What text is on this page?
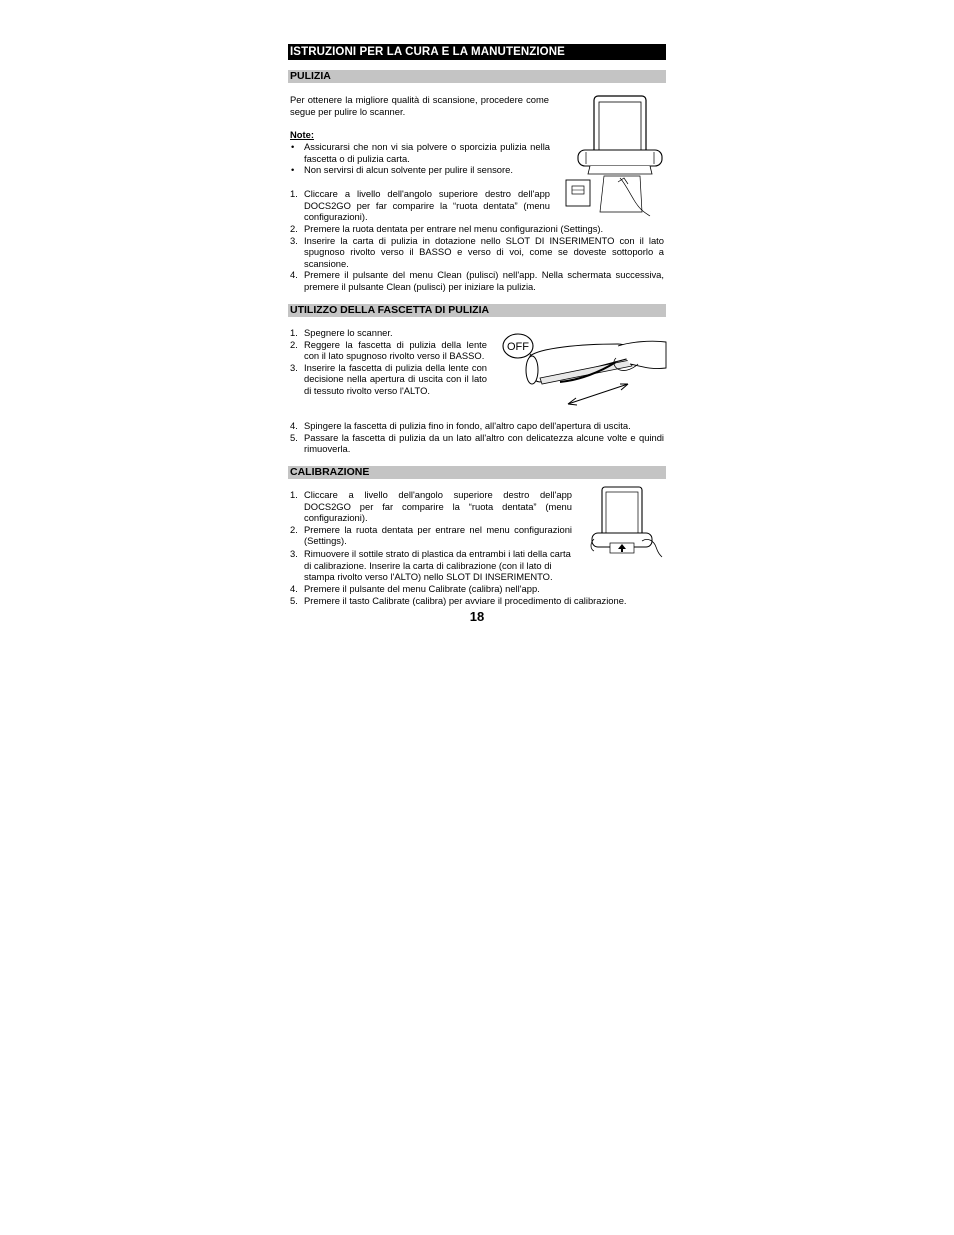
ISTRUZIONI PER LA CURA E LA MANUTENZIONE
PULIZIA
Per ottenere la migliore qualità di scansione, procedere come segue per pulire lo scanner.
Note:
• Assicurarsi che non vi sia polvere o sporcizia pulizia nella fascetta o di pulizia carta.
• Non servirsi di alcun solvente per pulire il sensore.
1. Cliccare a livello dell'angolo superiore destro dell'app DOCS2GO per far comparire la “ruota dentata” (menu configurazioni).
2. Premere la ruota dentata per entrare nel menu configurazioni (Settings).
3. Inserire la carta di pulizia in dotazione nello SLOT DI INSERIMENTO con il lato spugnoso rivolto verso il BASSO e verso di voi, come se doveste sottoporlo a scansione.
4. Premere il pulsante del menu Clean (pulisci) nell'app. Nella schermata successiva, premere il pulsante Clean (pulisci) per iniziare la pulizia.
UTILIZZO DELLA FASCETTA DI PULIZIA
1. Spegnere lo scanner.
2. Reggere la fascetta di pulizia della lente con il lato spugnoso rivolto verso il BASSO.
3. Inserire la fascetta di pulizia della lente con decisione nella apertura di uscita con il lato di tessuto rivolto verso l'ALTO.
4. Spingere la fascetta di pulizia fino in fondo, all'altro capo dell'apertura di uscita.
5. Passare la fascetta di pulizia da un lato all'altro con delicatezza alcune volte e quindi rimuoverla.
OFF
CALIBRAZIONE
1. Cliccare a livello dell'angolo superiore destro dell'app DOCS2GO per far comparire la “ruota dentata” (menu configurazioni).
2. Premere la ruota dentata per entrare nel menu configurazioni (Settings).
3. Rimuovere il sottile strato di plastica da entrambi i lati della carta di calibrazione. Inserire la carta di calibrazione (con il lato di stampa rivolto verso l'ALTO) nello SLOT DI INSERIMENTO.
4. Premere il pulsante del menu Calibrate (calibra) nell'app.
5. Premere il tasto Calibrate (calibra) per avviare il procedimento di calibrazione.
18
